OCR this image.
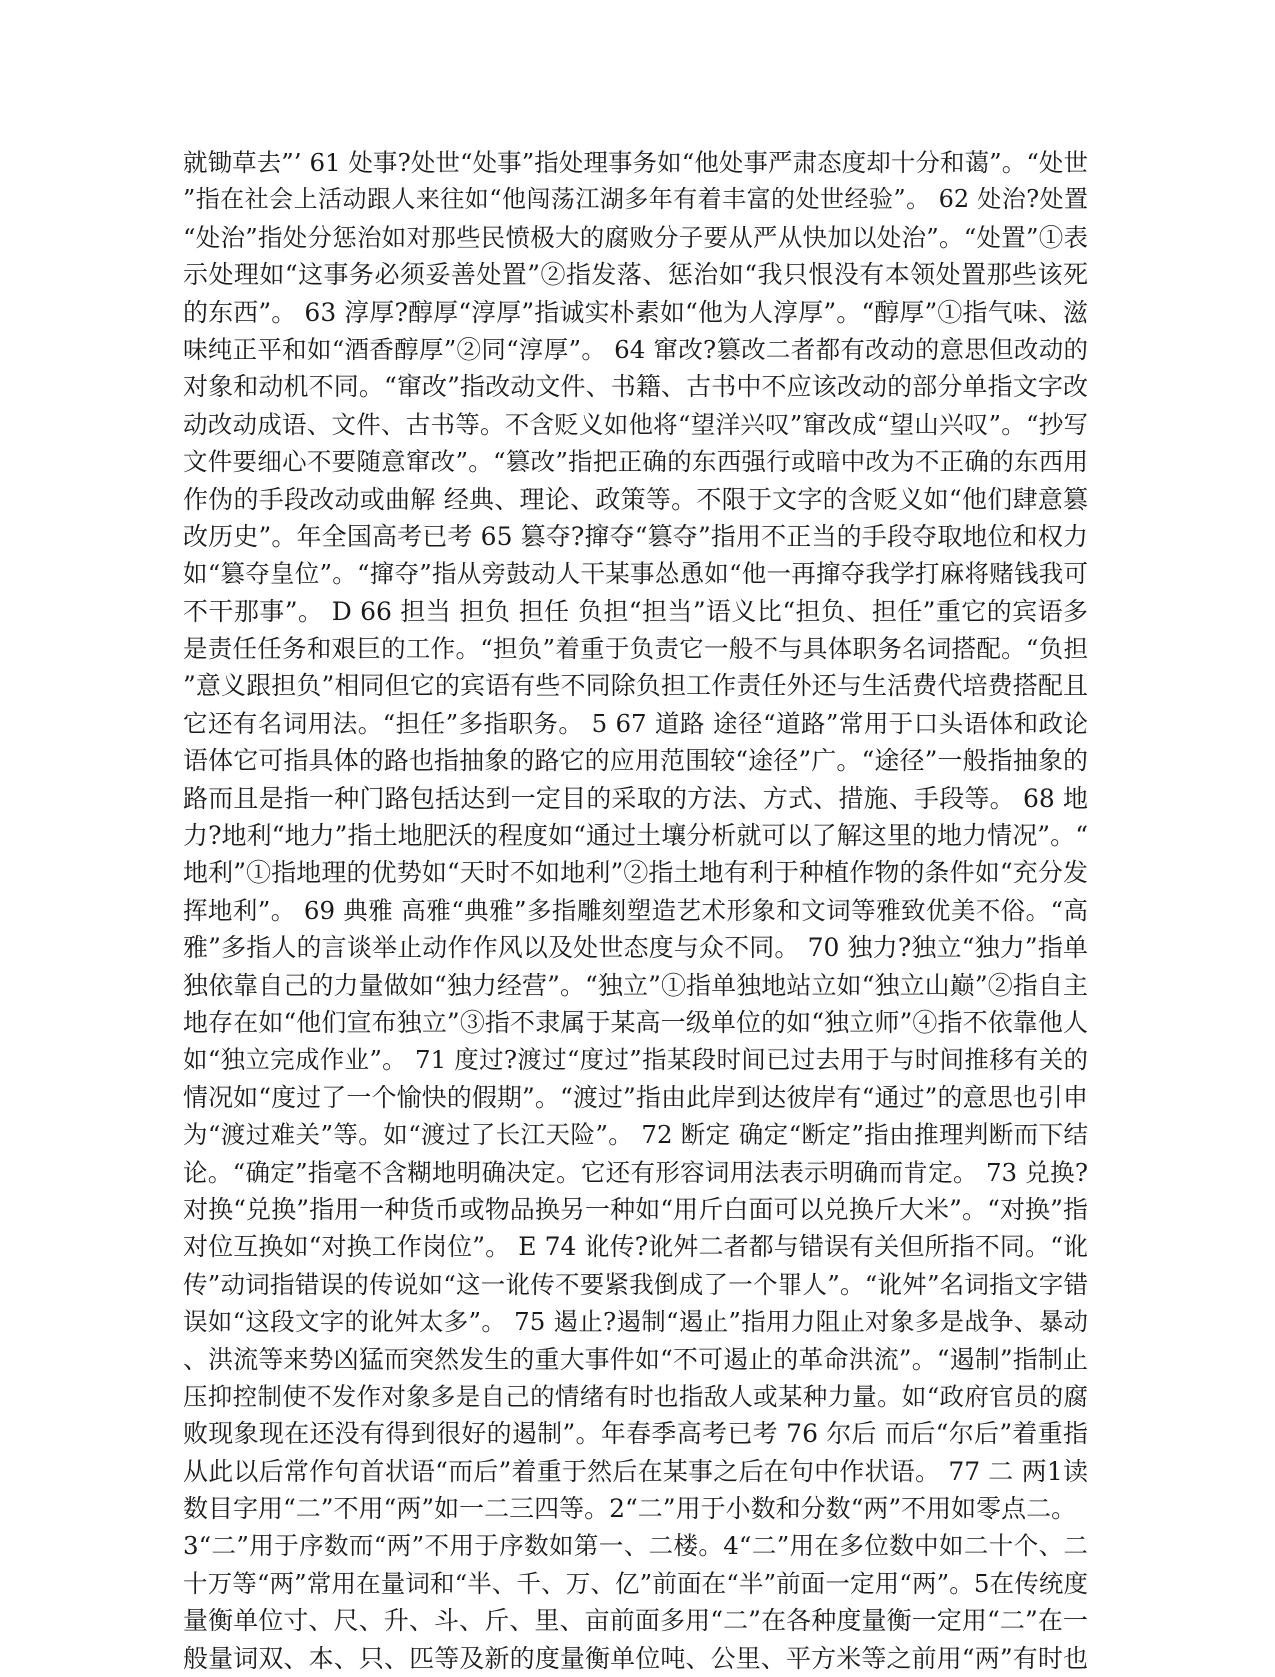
就锄草去”’ 61 处事?处世“处事”指处理事务如“他处事严肃态度却十分和蔼”。“处世
”指在社会上活动跟人来往如“他闯荡江湖多年有着丰富的处世经验”。 62 处治?处置
“处治”指处分惩治如对那些民愤极大的腐败分子要从严从快加以处治”。“处置”①表
示处理如“这事务必须妥善处置”②指发落、惩治如“我只恨没有本领处置那些该死
的东西”。 63 淳厚?醇厚“淳厚”指诚实朴素如“他为人淳厚”。“醇厚”①指气味、滋
味纯正平和如“酒香醇厚”②同“淳厚”。 64 窜改?篡改二者都有改动的意思但改动的
对象和动机不同。“窜改”指改动文件、书籍、古书中不应该改动的部分单指文字改
动改动成语、文件、古书等。不含贬义如他将“望洋兴叹”窜改成“望山兴叹”。“抄写
文件要细心不要随意窜改”。“篡改”指把正确的东西强行或暗中改为不正确的东西用
作伪的手段改动或曲解 经典、理论、政策等。不限于文字的含贬义如“他们肆意篡
改历史”。年全国高考已考 65 篡夺?撺夺“篡夺”指用不正当的手段夺取地位和权力
如“篡夺皇位”。“撺夺”指从旁鼓动人干某事怂恿如“他一再撺夺我学打麻将赌钱我可
不干那事”。 D 66 担当 担负 担任 负担“担当”语义比“担负、担任”重它的宾语多
是责任任务和艰巨的工作。“担负”着重于负责它一般不与具体职务名词搭配。“负担
”意义跟担负”相同但它的宾语有些不同除负担工作责任外还与生活费代培费搭配且
它还有名词用法。“担任”多指职务。 5 67 道路 途径“道路”常用于口头语体和政论
语体它可指具体的路也指抽象的路它的应用范围较“途径”广。“途径”一般指抽象的
路而且是指一种门路包括达到一定目的采取的方法、方式、措施、手段等。 68 地
力?地利“地力”指土地肥沃的程度如“通过土壤分析就可以了解这里的地力情况”。“
地利”①指地理的优势如“天时不如地利”②指土地有利于种植作物的条件如“充分发
挥地利”。 69 典雅 高雅“典雅”多指雕刻塑造艺术形象和文词等雅致优美不俗。“高
雅”多指人的言谈举止动作作风以及处世态度与众不同。 70 独力?独立“独力”指单
独依靠自己的力量做如“独力经营”。“独立”①指单独地站立如“独立山巅”②指自主
地存在如“他们宣布独立”③指不隶属于某高一级单位的如“独立师”④指不依靠他人
如“独立完成作业”。 71 度过?渡过“度过”指某段时间已过去用于与时间推移有关的
情况如“度过了一个愉快的假期”。“渡过”指由此岸到达彼岸有“通过”的意思也引申
为“渡过难关”等。如“渡过了长江天险”。 72 断定 确定“断定”指由推理判断而下结
论。“确定”指毫不含糊地明确决定。它还有形容词用法表示明确而肯定。 73 兑换?
对换“兑换”指用一种货币或物品换另一种如“用斤白面可以兑换斤大米”。“对换”指
对位互换如“对换工作岗位”。 E 74 讹传?讹舛二者都与错误有关但所指不同。“讹
传”动词指错误的传说如“这一讹传不要紧我倒成了一个罪人”。“讹舛”名词指文字错
误如“这段文字的讹舛太多”。 75 遏止?遏制“遏止”指用力阻止对象多是战争、暴动
、洪流等来势凶猛而突然发生的重大事件如“不可遏止的革命洪流”。“遏制”指制止
压抑控制使不发作对象多是自己的情绪有时也指敌人或某种力量。如“政府官员的腐
败现象现在还没有得到很好的遏制”。年春季高考已考 76 尔后 而后“尔后”着重指
从此以后常作句首状语“而后”着重于然后在某事之后在句中作状语。 77 二 两1读
数目字用“二”不用“两”如一二三四等。2“二”用于小数和分数“两”不用如零点二。
3“二”用于序数而“两”不用于序数如第一、二楼。4“二”用在多位数中如二十个、二
十万等“两”常用在量词和“半、千、万、亿”前面在“半”前面一定用“两”。5在传统度
量衡单位寸、尺、升、斗、斤、里、亩前面多用“二”在各种度量衡一定用“二”在一
般量词双、本、只、匹等及新的度量衡单位吨、公里、平方米等之前用“两”有时也
